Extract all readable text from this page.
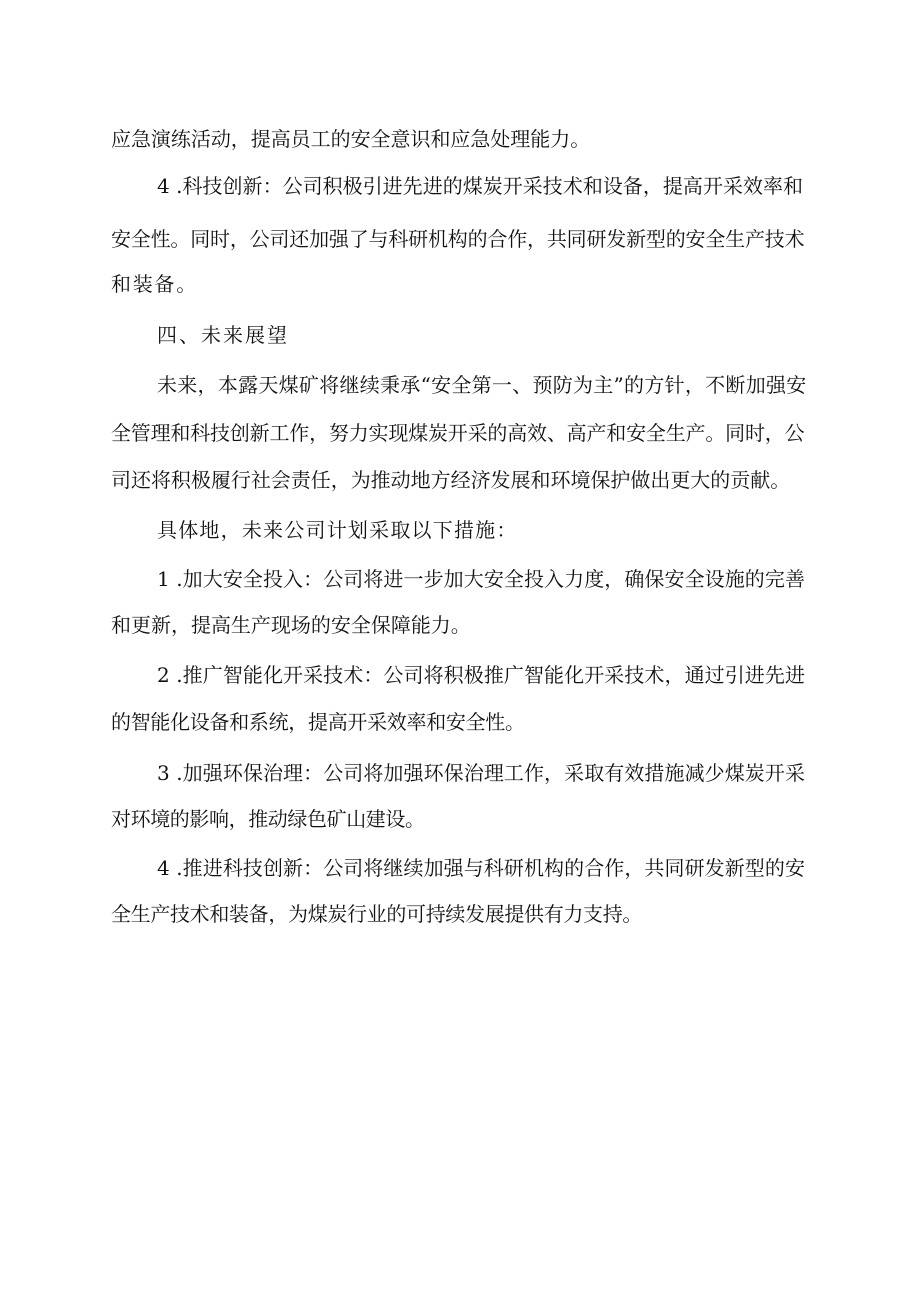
应急演练活动，提高员工的安全意识和应急处理能力。
4 .科技创新：公司积极引进先进的煤炭开采技术和设备，提高开采效率和
安全性。同时，公司还加强了与科研机构的合作，共同研发新型的安全生产技术
和装备。
四、未来展望
未来，本露天煤矿将继续秉承“安全第一、预防为主”的方针，不断加强安
全管理和科技创新工作，努力实现煤炭开采的高效、高产和安全生产。同时，公
司还将积极履行社会责任，为推动地方经济发展和环境保护做出更大的贡献。
具体地，未来公司计划采取以下措施：
1 .加大安全投入：公司将进一步加大安全投入力度，确保安全设施的完善
和更新，提高生产现场的安全保障能力。
2 .推广智能化开采技术：公司将积极推广智能化开采技术，通过引进先进
的智能化设备和系统，提高开采效率和安全性。
3 .加强环保治理：公司将加强环保治理工作，采取有效措施减少煤炭开采
对环境的影响，推动绿色矿山建设。
4 .推进科技创新：公司将继续加强与科研机构的合作，共同研发新型的安
全生产技术和装备，为煤炭行业的可持续发展提供有力支持。
